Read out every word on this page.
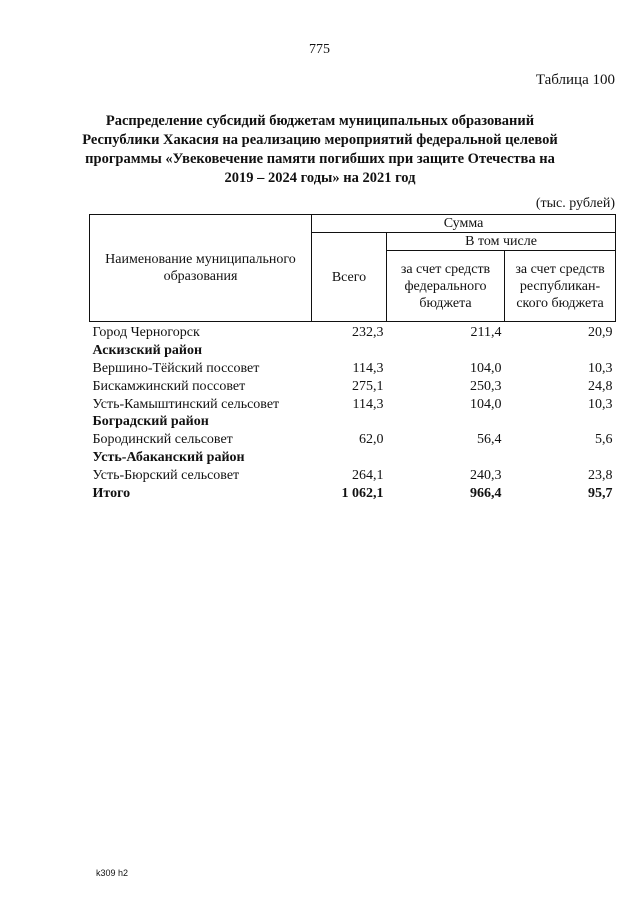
775
Таблица 100
Распределение субсидий бюджетам муниципальных образований
Республики Хакасия на реализацию мероприятий федеральной целевой
программы «Увековечение памяти погибших при защите Отечества на
2019 – 2024 годы» на 2021 год
(тыс. рублей)
Наименование муниципального образования	Сумма		
	Всего	В том числе	
		за счет средств федерального бюджета	за счет средств республикан-ского бюджета
Город Черногорск	232,3	211,4	20,9
Аскизский район			
Вершино-Тёйский поссовет	114,3	104,0	10,3
Бискамжинский поссовет	275,1	250,3	24,8
Усть-Камыштинский сельсовет	114,3	104,0	10,3
Боградский район			
Бородинский сельсовет	62,0	56,4	5,6
Усть-Абаканский район			
Усть-Бюрский сельсовет	264,1	240,3	23,8
Итого	1 062,1	966,4	95,7
k309 h2
